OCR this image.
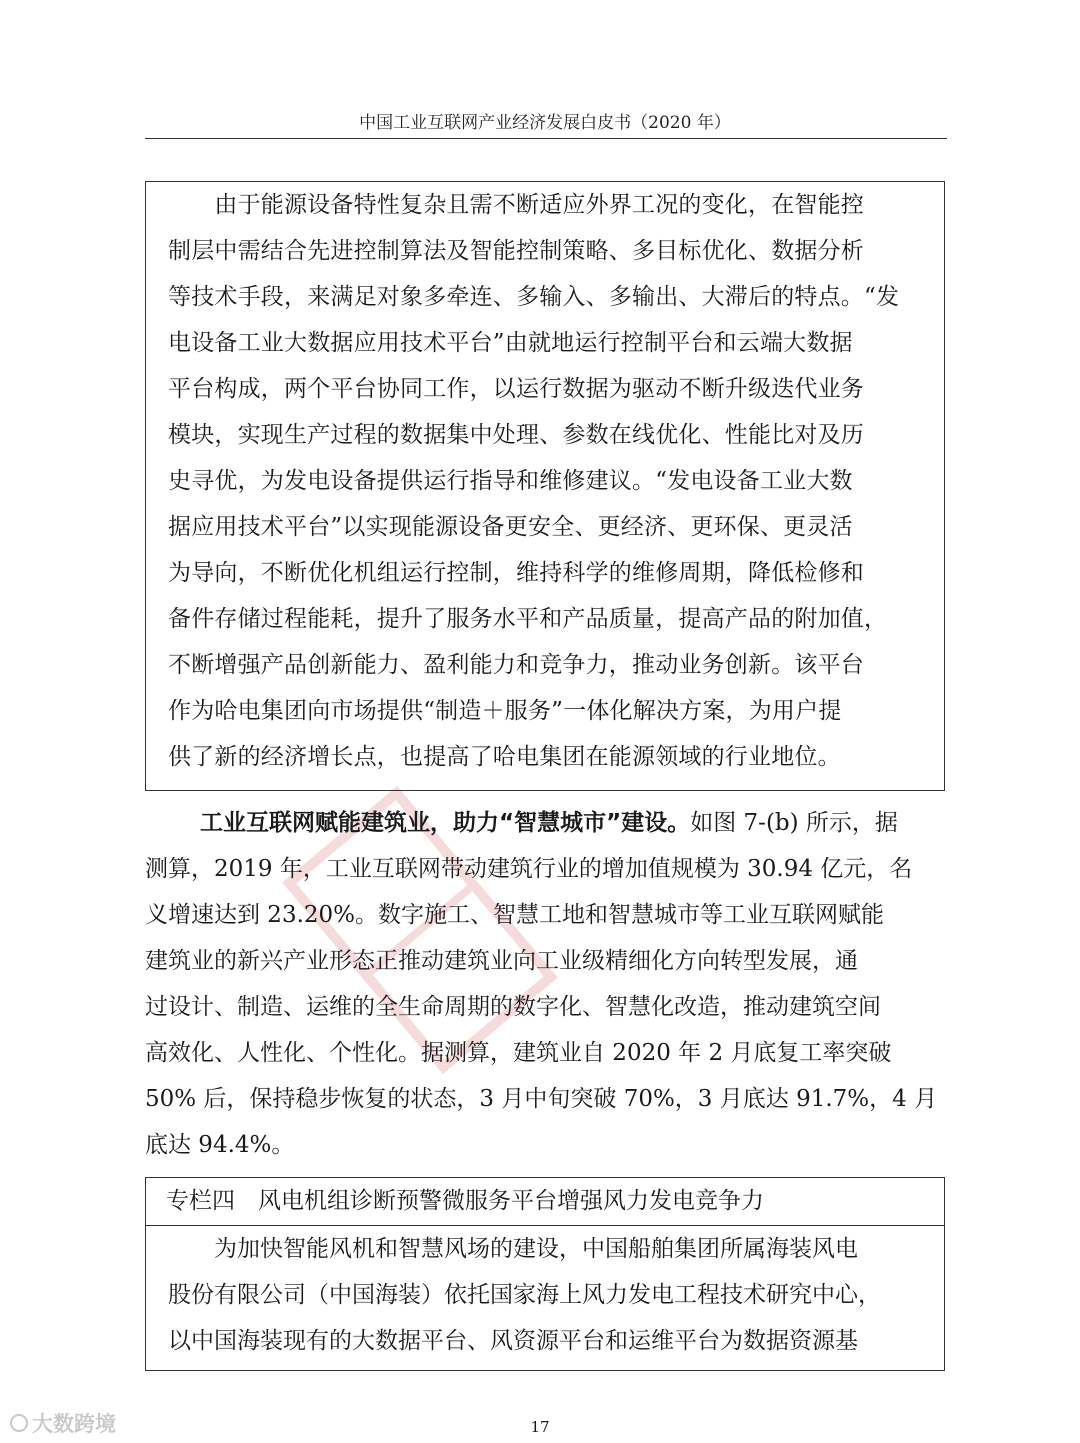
中国工业互联网产业经济发展白皮书（2020 年）
　　由于能源设备特性复杂且需不断适应外界工况的变化，在智能控
制层中需结合先进控制算法及智能控制策略、多目标优化、数据分析
等技术手段，来满足对象多牵连、多输入、多输出、大滞后的特点。“发
电设备工业大数据应用技术平台”由就地运行控制平台和云端大数据
平台构成，两个平台协同工作，以运行数据为驱动不断升级迭代业务
模块，实现生产过程的数据集中处理、参数在线优化、性能比对及历
史寻优，为发电设备提供运行指导和维修建议。“发电设备工业大数
据应用技术平台”以实现能源设备更安全、更经济、更环保、更灵活
为导向，不断优化机组运行控制，维持科学的维修周期，降低检修和
备件存储过程能耗，提升了服务水平和产品质量，提高产品的附加值，
不断增强产品创新能力、盈利能力和竞争力，推动业务创新。该平台
作为哈电集团向市场提供“制造＋服务”一体化解决方案，为用户提
供了新的经济增长点，也提高了哈电集团在能源领域的行业地位。
工业互联网赋能建筑业，助力“智慧城市”建设。如图 7-(b) 所示，据
测算，2019 年，工业互联网带动建筑行业的增加值规模为 30.94 亿元，名
义增速达到 23.20%。数字施工、智慧工地和智慧城市等工业互联网赋能
建筑业的新兴产业形态正推动建筑业向工业级精细化方向转型发展，通
过设计、制造、运维的全生命周期的数字化、智慧化改造，推动建筑空间
高效化、人性化、个性化。据测算，建筑业自 2020 年 2 月底复工率突破
50% 后，保持稳步恢复的状态，3 月中旬突破 70%，3 月底达 91.7%，4 月
底达 94.4%。
专栏四　风电机组诊断预警微服务平台增强风力发电竞争力
　　为加快智能风机和智慧风场的建设，中国船舶集团所属海装风电
股份有限公司（中国海装）依托国家海上风力发电工程技术研究中心，
以中国海装现有的大数据平台、风资源平台和运维平台为数据资源基
大数跨境	17
